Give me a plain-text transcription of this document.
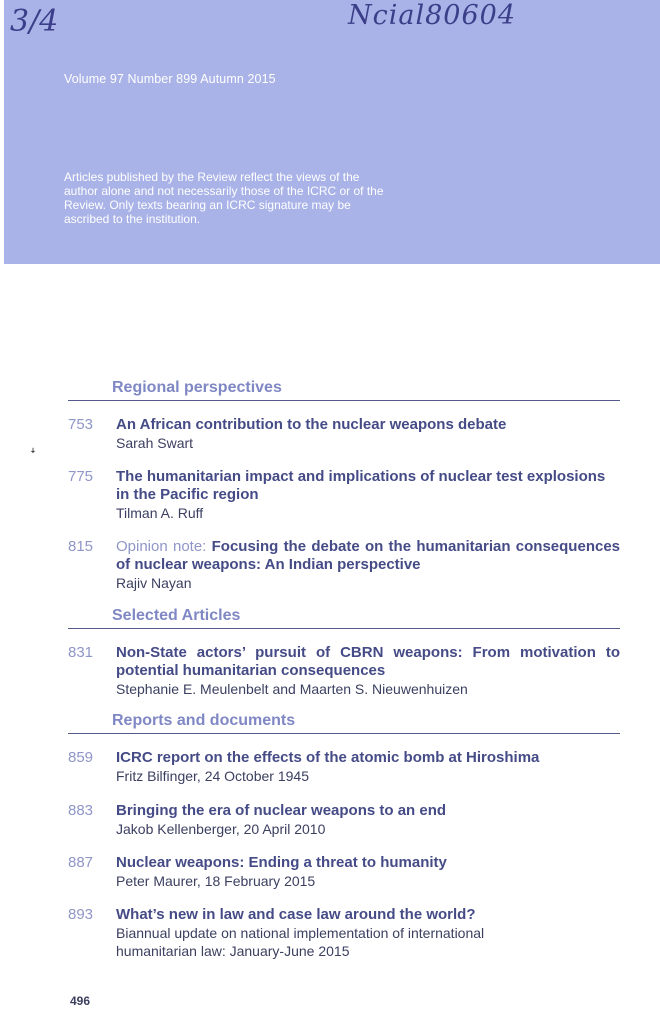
3/4	Ncial80604
Volume 97 Number 899 Autumn 2015
Articles published by the Review reflect the views of the author alone and not necessarily those of the ICRC or of the Review. Only texts bearing an ICRC signature may be ascribed to the institution.
ꜜ
Regional perspectives
753 An African contribution to the nuclear weapons debate
Sarah Swart
775 The humanitarian impact and implications of nuclear test explosions in the Pacific region
Tilman A. Ruff
815 Opinion note: Focusing the debate on the humanitarian consequences of nuclear weapons: An Indian perspective
Rajiv Nayan
Selected Articles
831 Non-State actors’ pursuit of CBRN weapons: From motivation to potential humanitarian consequences
Stephanie E. Meulenbelt and Maarten S. Nieuwenhuizen
Reports and documents
859 ICRC report on the effects of the atomic bomb at Hiroshima
Fritz Bilfinger, 24 October 1945
883 Bringing the era of nuclear weapons to an end
Jakob Kellenberger, 20 April 2010
887 Nuclear weapons: Ending a threat to humanity
Peter Maurer, 18 February 2015
893 What’s new in law and case law around the world?
Biannual update on national implementation of international humanitarian law: January-June 2015
496
